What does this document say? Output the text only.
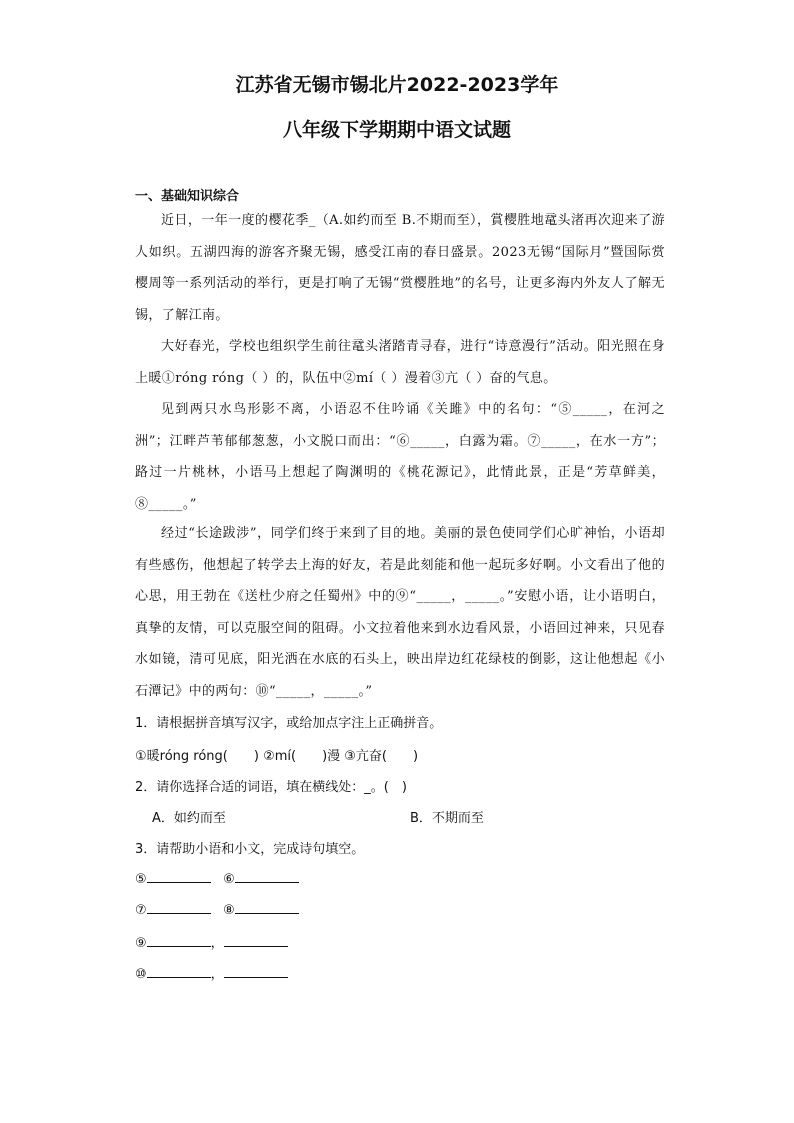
江苏省无锡市锡北片2022-2023学年
八年级下学期期中语文试题
一、基础知识综合
近日，一年一度的樱花季_（A.如约而至 B.不期而至），賞樱胜地鼋头渚再次迎来了游人如织。五湖四海的游客齐聚无锡，感受江南的春日盛景。2023无锡“国际月”暨国际赏樱周等一系列活动的举行，更是打响了无锡“赏樱胜地”的名号，让更多海内外友人了解无锡，了解江南。
大好春光，学校也组织学生前往鼋头渚踏青寻春，进行“诗意漫行”活动。阳光照在身上暖①róng róng（ ）的，队伍中②mí（ ）漫着③亢（ ）奋的气息。
见到两只水鸟形影不离，小语忍不住吟诵《关雎》中的名句：“⑤_____，在河之洲”；江畔芦苇郁郁葱葱，小文脱口而出：“⑥_____，白露为霜。⑦_____，在水一方”；路过一片桃林，小语马上想起了陶渊明的《桃花源记》，此情此景，正是“芳草鲜美，⑧_____。”
经过“长途跋涉”，同学们终于来到了目的地。美丽的景色使同学们心旷神怡，小语却有些感伤，他想起了转学去上海的好友，若是此刻能和他一起玩多好啊。小文看出了他的心思，用王勃在《送杜少府之任蜀州》中的⑨“_____，_____。”安慰小语，让小语明白，真挚的友情，可以克服空间的阻碍。小文拉着他来到水边看风景，小语回过神来，只见春水如镜，清可见底，阳光洒在水底的石头上，映出岸边红花绿枝的倒影，这让他想起《小石潭记》中的两句：⑩“_____，_____。”
1．请根据拼音填写汉字，或给加点字注上正确拼音。
①暖róng róng(　　) ②mí(　　)漫 ③亢奋(　　)
2．请你选择合适的词语，填在横线处：_。(　)
A．如约而至	B．不期而至
3．请帮助小语和小文，完成诗句填空。
⑤	⑥
⑦	⑧
⑨	，
⑩	，
